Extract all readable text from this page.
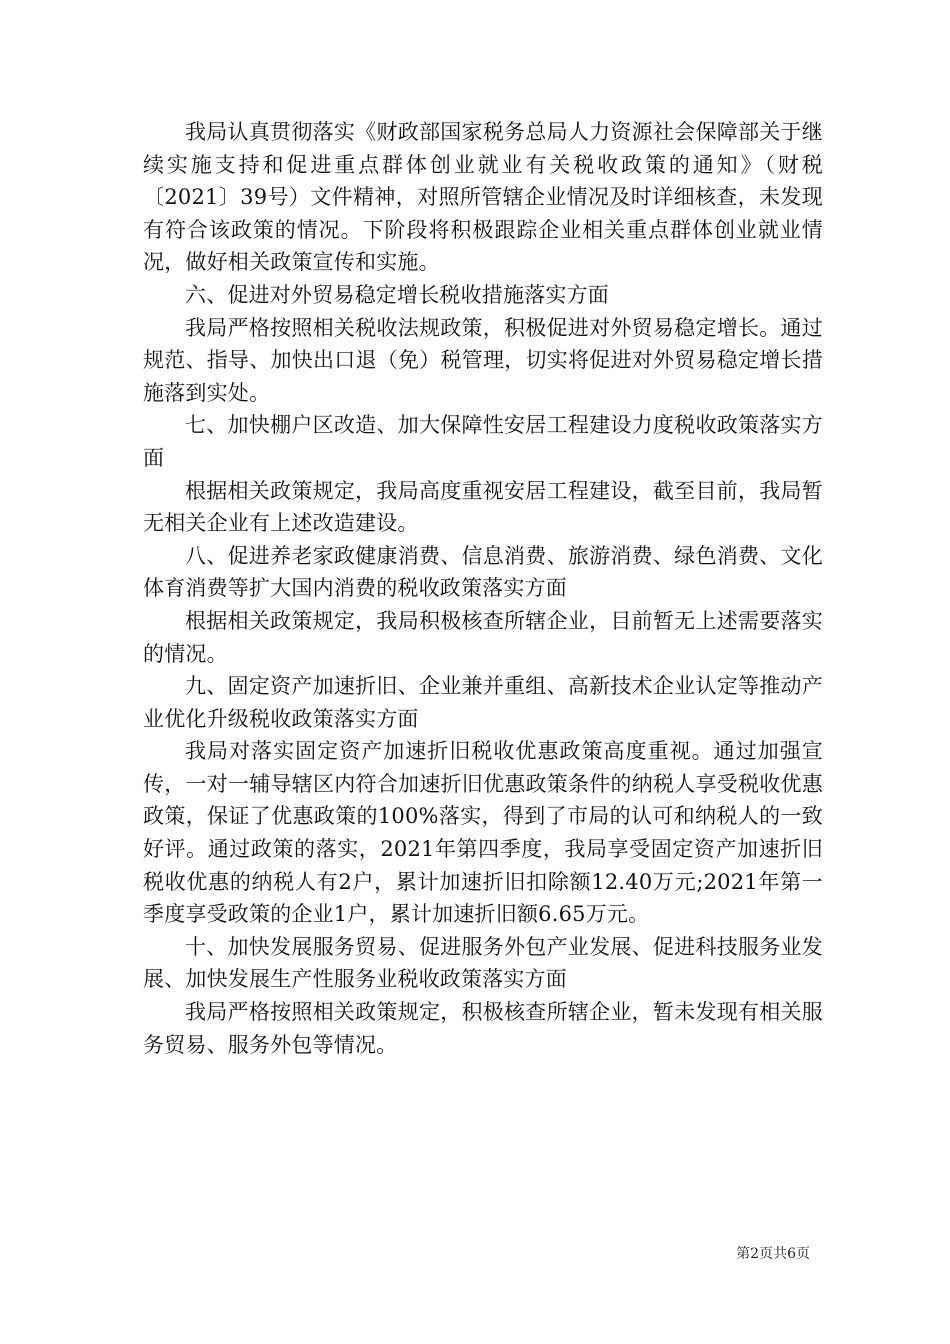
我局认真贯彻落实《财政部国家税务总局人力资源社会保障部关于继续实施支持和促进重点群体创业就业有关税收政策的通知》（财税〔2021〕39号）文件精神，对照所管辖企业情况及时详细核查，未发现有符合该政策的情况。下阶段将积极跟踪企业相关重点群体创业就业情况，做好相关政策宣传和实施。

六、促进对外贸易稳定增长税收措施落实方面

我局严格按照相关税收法规政策，积极促进对外贸易稳定增长。通过规范、指导、加快出口退（免）税管理，切实将促进对外贸易稳定增长措施落到实处。

七、加快棚户区改造、加大保障性安居工程建设力度税收政策落实方面

根据相关政策规定，我局高度重视安居工程建设，截至目前，我局暂无相关企业有上述改造建设。

八、促进养老家政健康消费、信息消费、旅游消费、绿色消费、文化体育消费等扩大国内消费的税收政策落实方面

根据相关政策规定，我局积极核查所辖企业，目前暂无上述需要落实的情况。

九、固定资产加速折旧、企业兼并重组、高新技术企业认定等推动产业优化升级税收政策落实方面

我局对落实固定资产加速折旧税收优惠政策高度重视。通过加强宣传，一对一辅导辖区内符合加速折旧优惠政策条件的纳税人享受税收优惠政策，保证了优惠政策的100%落实，得到了市局的认可和纳税人的一致好评。通过政策的落实，2021年第四季度，我局享受固定资产加速折旧税收优惠的纳税人有2户，累计加速折旧扣除额12.40万元;2021年第一季度享受政策的企业1户，累计加速折旧额6.65万元。

十、加快发展服务贸易、促进服务外包产业发展、促进科技服务业发展、加快发展生产性服务业税收政策落实方面

我局严格按照相关政策规定，积极核查所辖企业，暂未发现有相关服务贸易、服务外包等情况。

第2页共6页
